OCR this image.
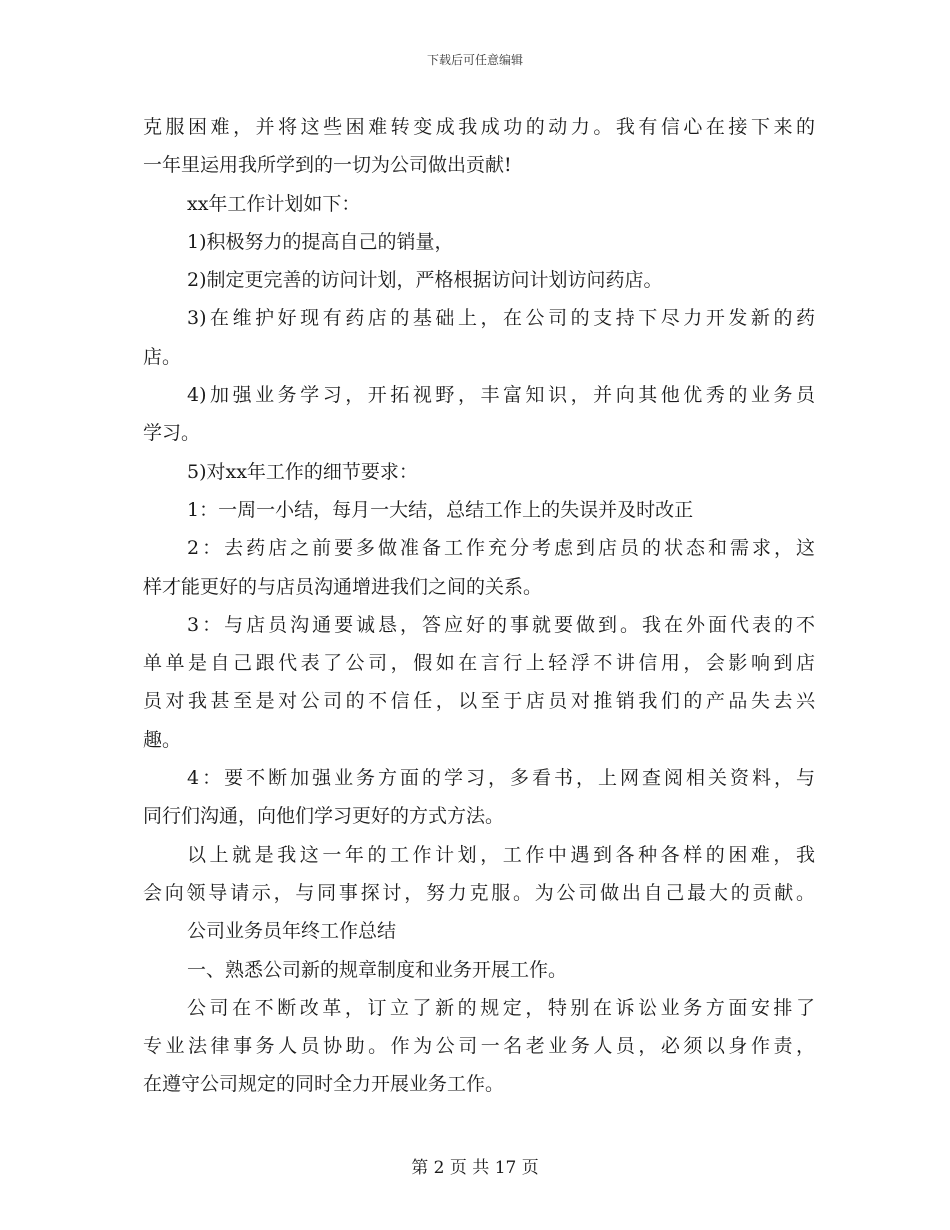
下载后可任意编辑
克服困难，并将这些困难转变成我成功的动力。我有信心在接下来的
一年里运用我所学到的一切为公司做出贡献!
xx年工作计划如下：
1)积极努力的提高自己的销量，
2)制定更完善的访问计划，严格根据访问计划访问药店。
3)在维护好现有药店的基础上，在公司的支持下尽力开发新的药
店。
4)加强业务学习，开拓视野，丰富知识，并向其他优秀的业务员
学习。
5)对xx年工作的细节要求：
1：一周一小结，每月一大结，总结工作上的失误并及时改正
2：去药店之前要多做准备工作充分考虑到店员的状态和需求，这
样才能更好的与店员沟通增进我们之间的关系。
3：与店员沟通要诚恳，答应好的事就要做到。我在外面代表的不
单单是自己跟代表了公司，假如在言行上轻浮不讲信用，会影响到店
员对我甚至是对公司的不信任，以至于店员对推销我们的产品失去兴
趣。
4：要不断加强业务方面的学习，多看书，上网查阅相关资料，与
同行们沟通，向他们学习更好的方式方法。
以上就是我这一年的工作计划，工作中遇到各种各样的困难，我
会向领导请示，与同事探讨，努力克服。为公司做出自己最大的贡献。
公司业务员年终工作总结
一、熟悉公司新的规章制度和业务开展工作。
公司在不断改革，订立了新的规定，特别在诉讼业务方面安排了
专业法律事务人员协助。作为公司一名老业务人员，必须以身作责，
在遵守公司规定的同时全力开展业务工作。
第 2 页 共 17 页
